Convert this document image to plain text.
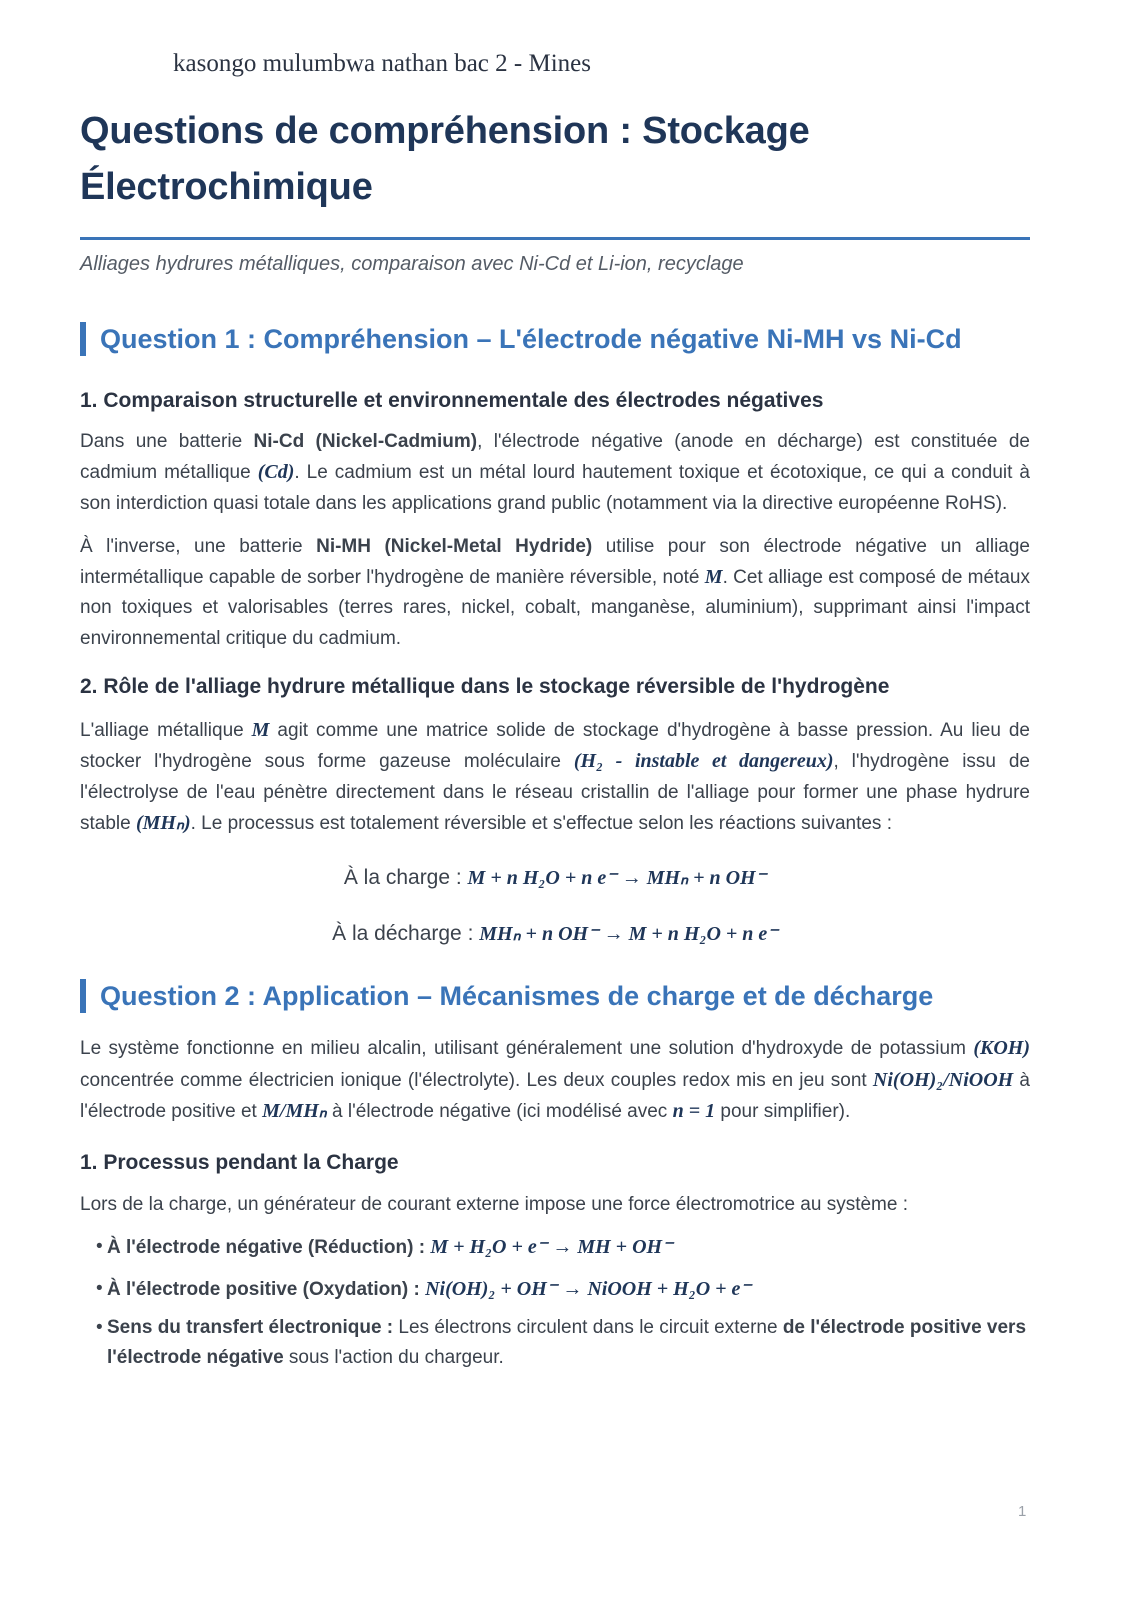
kasongo mulumbwa nathan bac 2 - Mines

Questions de compréhension : Stockage
Électrochimique

Alliages hydrures métalliques, comparaison avec Ni-Cd et Li-ion, recyclage

Question 1 : Compréhension – L'électrode négative Ni-MH vs Ni-Cd
1. Comparaison structurelle et environnementale des électrodes négatives

Dans une batterie Ni-Cd (Nickel-Cadmium), l'électrode négative (anode en décharge) est constituée de cadmium métallique (Cd). Le cadmium est un métal lourd hautement toxique et écotoxique, ce qui a conduit à son interdiction quasi totale dans les applications grand public (notamment via la directive européenne RoHS).

À l'inverse, une batterie Ni-MH (Nickel-Metal Hydride) utilise pour son électrode négative un alliage intermétallique capable de sorber l'hydrogène de manière réversible, noté M. Cet alliage est composé de métaux non toxiques et valorisables (terres rares, nickel, cobalt, manganèse, aluminium), supprimant ainsi l'impact environnemental critique du cadmium.

2. Rôle de l'alliage hydrure métallique dans le stockage réversible de l'hydrogène

L'alliage métallique M agit comme une matrice solide de stockage d'hydrogène à basse pression. Au lieu de stocker l'hydrogène sous forme gazeuse moléculaire (H₂ - instable et dangereux), l'hydrogène issu de l'électrolyse de l'eau pénètre directement dans le réseau cristallin de l'alliage pour former une phase hydrure stable (MHₙ). Le processus est totalement réversible et s'effectue selon les réactions suivantes :

À la charge : M + n H₂O + n e⁻ → MHₙ + n OH⁻

À la décharge : MHₙ + n OH⁻ → M + n H₂O + n e⁻

Question 2 : Application – Mécanismes de charge et de décharge

Le système fonctionne en milieu alcalin, utilisant généralement une solution d'hydroxyde de potassium (KOH) concentrée comme électricien ionique (l'électrolyte). Les deux couples redox mis en jeu sont Ni(OH)₂/NiOOH à l'électrode positive et M/MHₙ à l'électrode négative (ici modélisé avec n = 1 pour simplifier).

1. Processus pendant la Charge

Lors de la charge, un générateur de courant externe impose une force électromotrice au système :

• À l'électrode négative (Réduction) : M + H₂O + e⁻ → MH + OH⁻
• À l'électrode positive (Oxydation) : Ni(OH)₂ + OH⁻ → NiOOH + H₂O + e⁻
• Sens du transfert électronique : Les électrons circulent dans le circuit externe de l'électrode positive vers l'électrode négative sous l'action du chargeur.
1
